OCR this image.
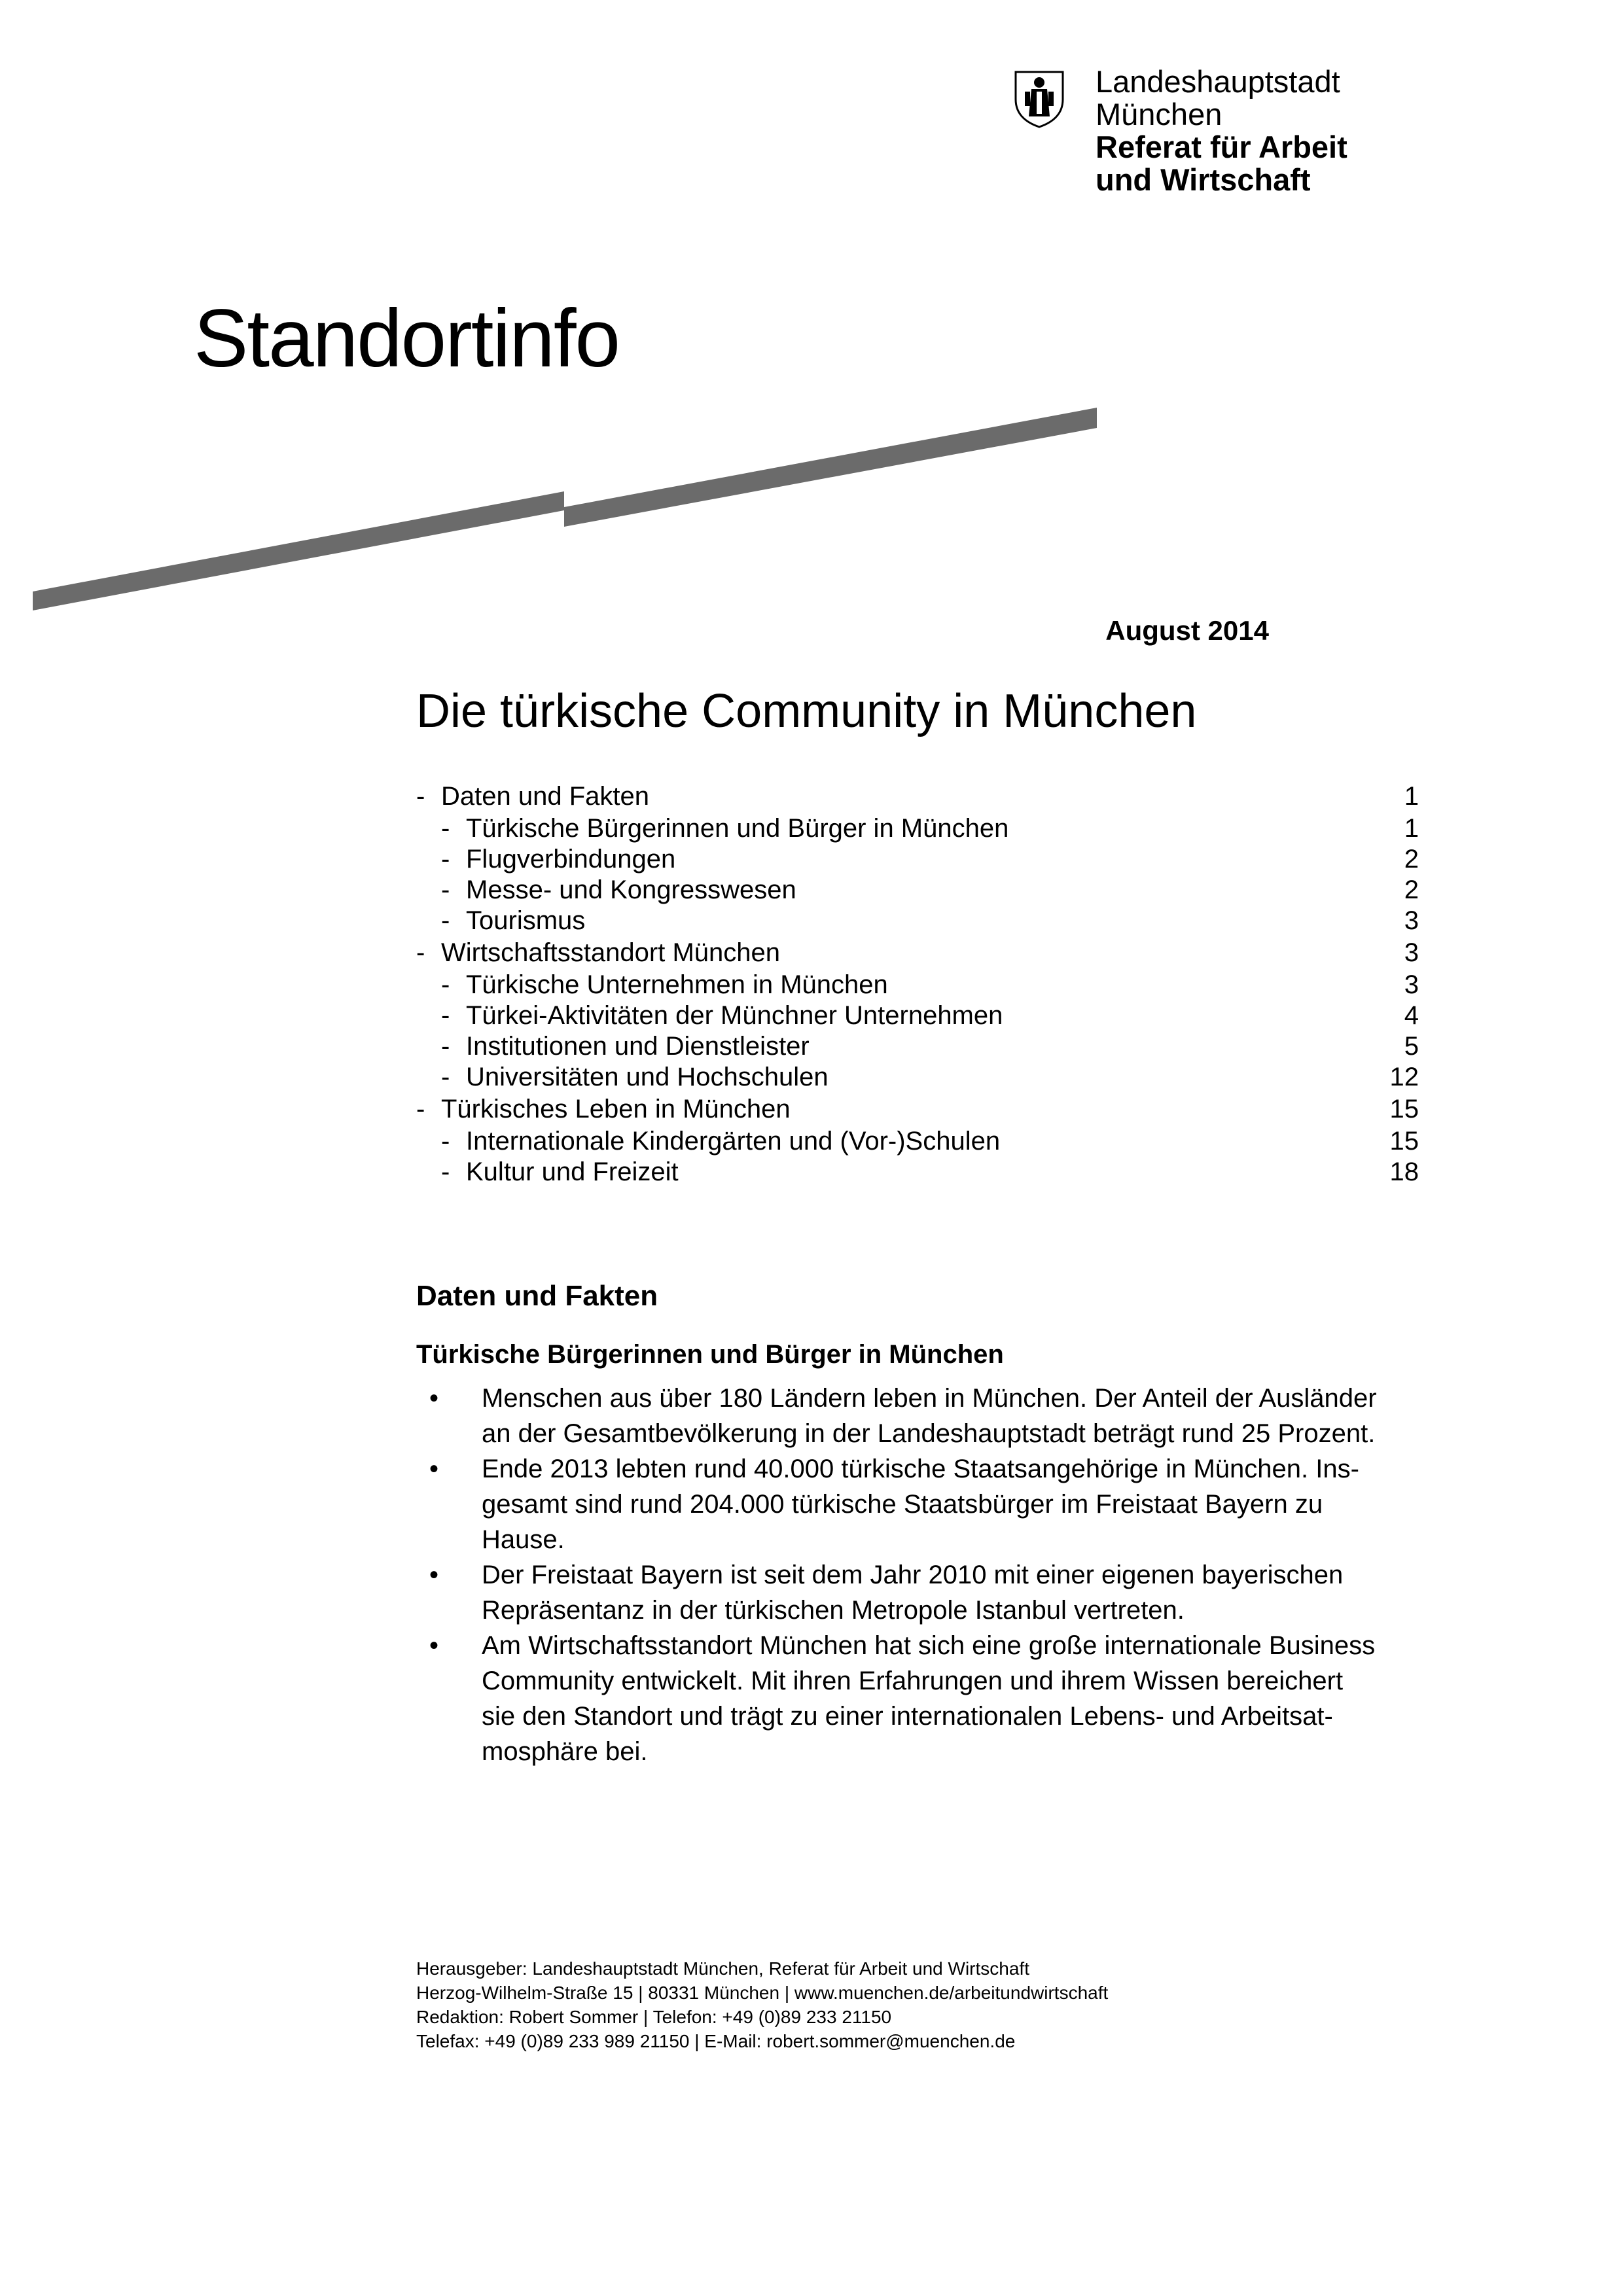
Landeshauptstadt
München
Referat für Arbeit
und Wirtschaft
Standortinfo
August 2014
Die türkische Community in München
- Daten und Fakten	1
- Türkische Bürgerinnen und Bürger in München	1
- Flugverbindungen	2
- Messe- und Kongresswesen	2
- Tourismus	3
- Wirtschaftsstandort München	3
- Türkische Unternehmen in München	3
- Türkei-Aktivitäten der Münchner Unternehmen	4
- Institutionen und Dienstleister	5
- Universitäten und Hochschulen	12
- Türkisches Leben in München	15
- Internationale Kindergärten und (Vor-)Schulen	15
- Kultur und Freizeit	18
Daten und Fakten
Türkische Bürgerinnen und Bürger in München
• Menschen aus über 180 Ländern leben in München. Der Anteil der Ausländer
an der Gesamtbevölkerung in der Landeshauptstadt beträgt rund 25 Prozent.
• Ende 2013 lebten rund 40.000 türkische Staatsangehörige in München. Ins-
gesamt sind rund 204.000 türkische Staatsbürger im Freistaat Bayern zu
Hause.
• Der Freistaat Bayern ist seit dem Jahr 2010 mit einer eigenen bayerischen
Repräsentanz in der türkischen Metropole Istanbul vertreten.
• Am Wirtschaftsstandort München hat sich eine große internationale Business
Community entwickelt. Mit ihren Erfahrungen und ihrem Wissen bereichert
sie den Standort und trägt zu einer internationalen Lebens- und Arbeitsat-
mosphäre bei.
Herausgeber: Landeshauptstadt München, Referat für Arbeit und Wirtschaft
Herzog-Wilhelm-Straße 15 | 80331 München | www.muenchen.de/arbeitundwirtschaft
Redaktion: Robert Sommer | Telefon: +49 (0)89 233 21150
Telefax: +49 (0)89 233 989 21150 | E-Mail: robert.sommer@muenchen.de
